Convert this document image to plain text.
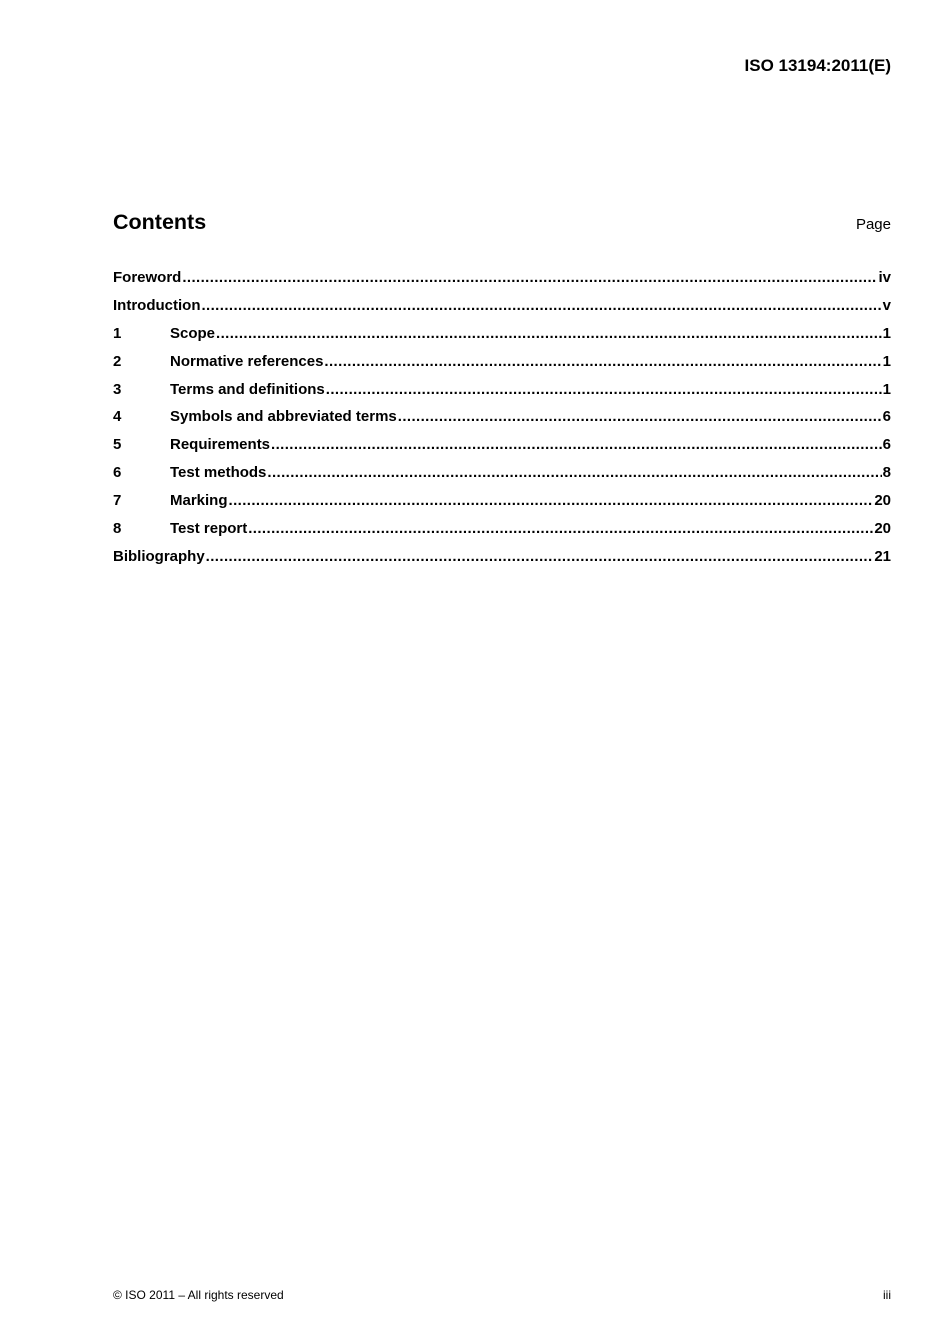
ISO 13194:2011(E)
Contents	Page
Foreword .....	iv
Introduction .....	v
1	Scope .....	1
2	Normative references .....	1
3	Terms and definitions .....	1
4	Symbols and abbreviated terms .....	6
5	Requirements .....	6
6	Test methods .....	8
7	Marking .....	20
8	Test report .....	20
Bibliography .....	21
© ISO 2011 – All rights reserved	iii
